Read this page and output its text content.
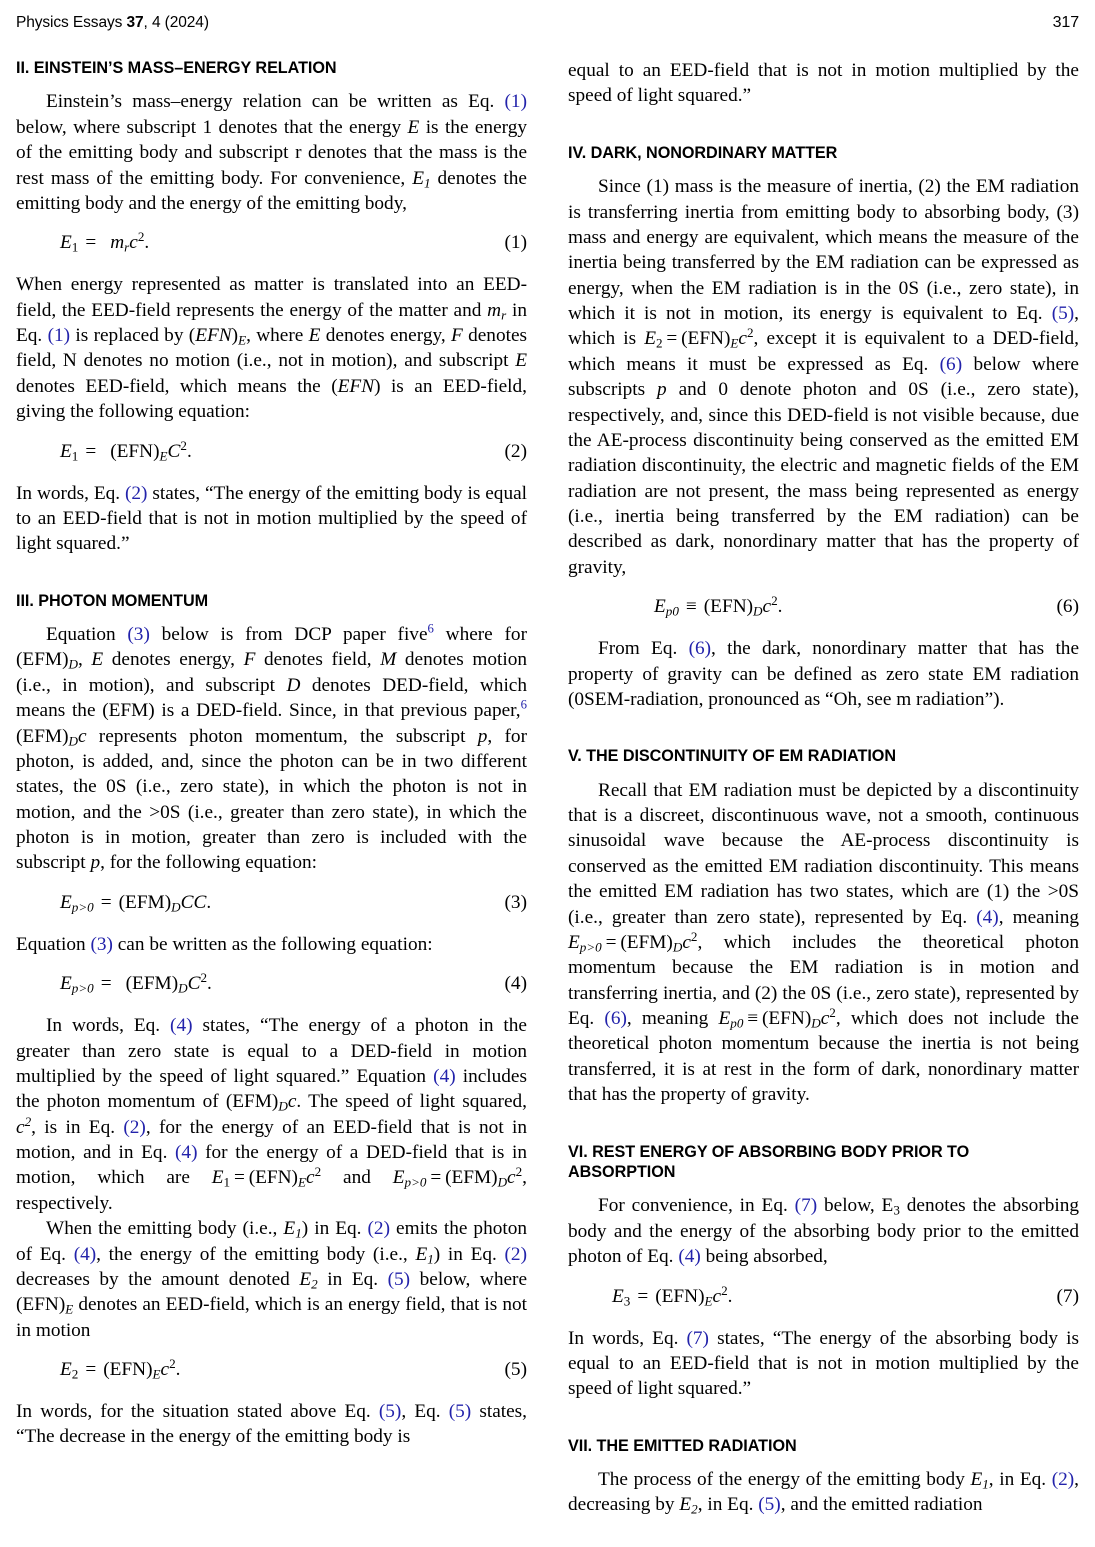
Physics Essays 37, 4 (2024)	317
II. EINSTEIN’S MASS–ENERGY RELATION

Einstein’s mass–energy relation can be written as Eq. (1) below, where subscript 1 denotes that the energy E is the energy of the emitting body and subscript r denotes that the mass is the rest mass of the emitting body. For convenience, $E_1$ denotes the emitting body and the energy of the emitting body,

$E_1 = m_rc^2$.	(1)

When energy represented as matter is translated into an EED-field, the EED-field represents the energy of the matter and $m_r$ in Eq. (1) is replaced by $(EFN)_E$, where E denotes energy, F denotes field, N denotes no motion (i.e., not in motion), and subscript E denotes EED-field, which means the (EFN) is an EED-field, giving the following equation:

$E_1 = (EFN)_EC^2$.	(2)

In words, Eq. (2) states, “The energy of the emitting body is equal to an EED-field that is not in motion multiplied by the speed of light squared.”

III. PHOTON MOMENTUM

Equation (3) below is from DCP paper five$^6$ where for $(EFM)_D$, E denotes energy, F denotes field, M denotes motion (i.e., in motion), and subscript D denotes DED-field, which means the (EFM) is a DED-field. Since, in that previous paper,$^6$ $(EFM)_Dc$ represents photon momentum, the subscript p, for photon, is added, and, since the photon can be in two different states, the 0S (i.e., zero state), in which the photon is not in motion, and the >0S (i.e., greater than zero state), in which the photon is in motion, greater than zero is included with the subscript p, for the following equation:

$E_{p>0} = (EFM)_DCC$.	(3)

Equation (3) can be written as the following equation:

$E_{p>0} = (EFM)_DC^2$.	(4)

In words, Eq. (4) states, “The energy of a photon in the greater than zero state is equal to a DED-field in motion multiplied by the speed of light squared.” Equation (4) includes the photon momentum of $(EFM)_Dc$. The speed of light squared, $c^2$, is in Eq. (2), for the energy of an EED-field that is not in motion, and in Eq. (4) for the energy of a DED-field that is in motion, which are $E_1 = (EFN)_Ec^2$ and $E_{p>0} = (EFM)_Dc^2$, respectively.

When the emitting body (i.e., $E_1$) in Eq. (2) emits the photon of Eq. (4), the energy of the emitting body (i.e., $E_1$) in Eq. (2) decreases by the amount denoted $E_2$ in Eq. (5) below, where $(EFN)_E$ denotes an EED-field, which is an energy field, that is not in motion

$E_2 = (EFN)_Ec^2$.	(5)

In words, for the situation stated above Eq. (5), Eq. (5) states, “The decrease in the energy of the emitting body is

equal to an EED-field that is not in motion multiplied by the speed of light squared.”

IV. DARK, NONORDINARY MATTER

Since (1) mass is the measure of inertia, (2) the EM radiation is transferring inertia from emitting body to absorbing body, (3) mass and energy are equivalent, which means the measure of the inertia being transferred by the EM radiation can be expressed as energy, when the EM radiation is in the 0S (i.e., zero state), in which it is not in motion, its energy is equivalent to Eq. (5), which is $E_2 = (EFN)_Ec^2$, except it is equivalent to a DED-field, which means it must be expressed as Eq. (6) below where subscripts p and 0 denote photon and 0S (i.e., zero state), respectively, and, since this DED-field is not visible because, due the AE-process discontinuity being conserved as the emitted EM radiation discontinuity, the electric and magnetic fields of the EM radiation are not present, the mass being represented as energy (i.e., inertia being transferred by the EM radiation) can be described as dark, nonordinary matter that has the property of gravity,

$E_{p0} \equiv (EFN)_Dc^2$.	(6)

From Eq. (6), the dark, nonordinary matter that has the property of gravity can be defined as zero state EM radiation (0SEM-radiation, pronounced as “Oh, see m radiation”).

V. THE DISCONTINUITY OF EM RADIATION

Recall that EM radiation must be depicted by a discontinuity that is a discreet, discontinuous wave, not a smooth, continuous sinusoidal wave because the AE-process discontinuity is conserved as the emitted EM radiation discontinuity. This means the emitted EM radiation has two states, which are (1) the >0S (i.e., greater than zero state), represented by Eq. (4), meaning $E_{p>0} = (EFM)_Dc^2$, which includes the theoretical photon momentum because the EM radiation is in motion and transferring inertia, and (2) the 0S (i.e., zero state), represented by Eq. (6), meaning $E_{p0} \equiv (EFN)_Dc^2$, which does not include the theoretical photon momentum because the inertia is not being transferred, it is at rest in the form of dark, nonordinary matter that has the property of gravity.

VI. REST ENERGY OF ABSORBING BODY PRIOR TO
ABSORPTION

For convenience, in Eq. (7) below, $E_3$ denotes the absorbing body and the energy of the absorbing body prior to the emitted photon of Eq. (4) being absorbed,

$E_3 = (EFN)_Ec^2$.	(7)

In words, Eq. (7) states, “The energy of the absorbing body is equal to an EED-field that is not in motion multiplied by the speed of light squared.”

VII. THE EMITTED RADIATION

The process of the energy of the emitting body $E_1$, in Eq. (2), decreasing by $E_2$, in Eq. (5), and the emitted radiation
